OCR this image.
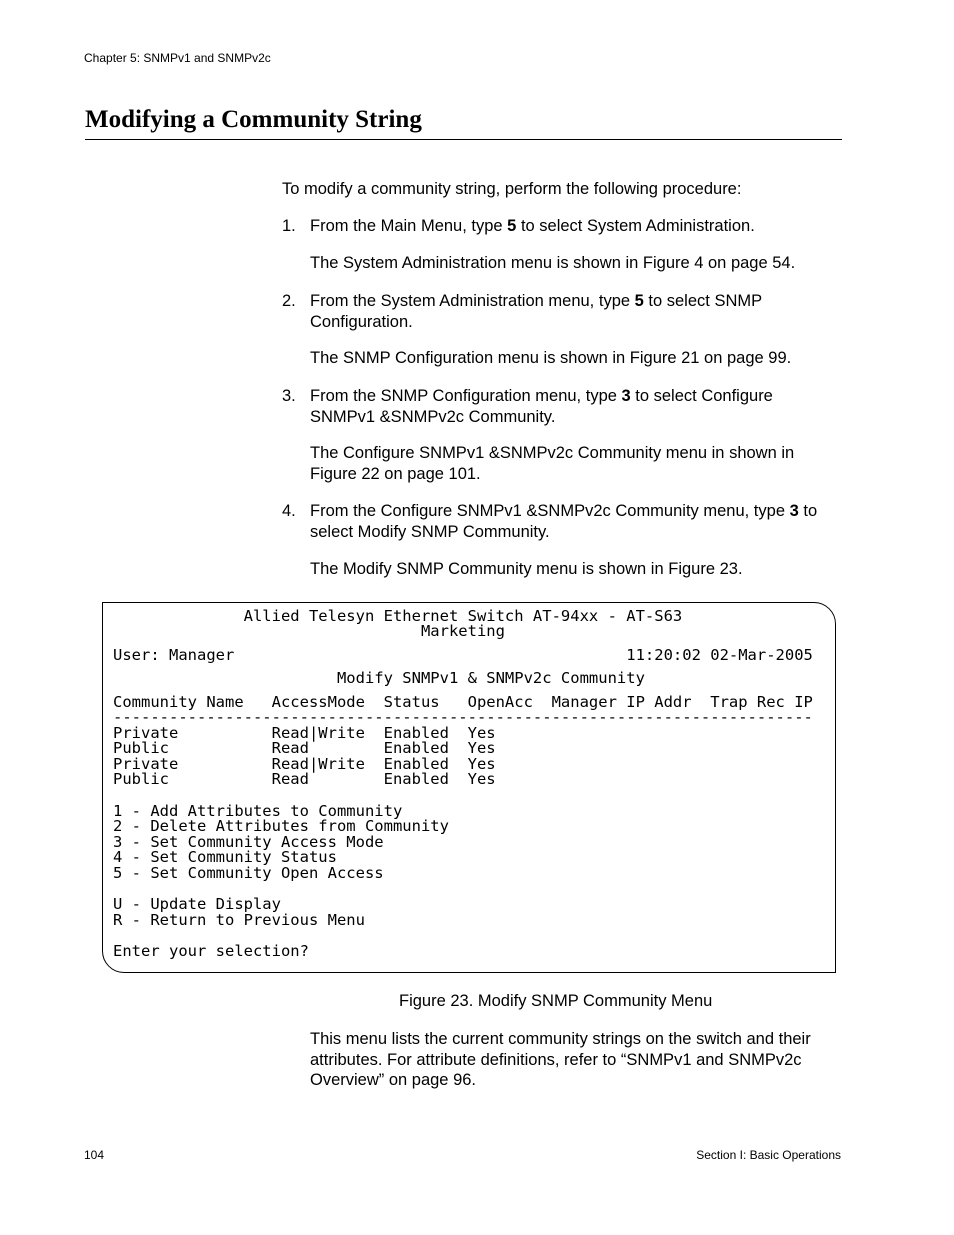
Chapter 5: SNMPv1 and SNMPv2c
Modifying a Community String
To modify a community string, perform the following procedure:
1. From the Main Menu, type 5 to select System Administration.
The System Administration menu is shown in Figure 4 on page 54.
2. From the System Administration menu, type 5 to select SNMP Configuration.
The SNMP Configuration menu is shown in Figure 21 on page 99.
3. From the SNMP Configuration menu, type 3 to select Configure SNMPv1 &SNMPv2c Community.
The Configure SNMPv1 &SNMPv2c Community menu in shown in Figure 22 on page 101.
4. From the Configure SNMPv1 &SNMPv2c Community menu, type 3 to select Modify SNMP Community.
The Modify SNMP Community menu is shown in Figure 23.
Allied Telesyn Ethernet Switch AT-94xx - AT-S63
Marketing
User: Manager                                          11:20:02 02-Mar-2005
Modify SNMPv1 & SNMPv2c Community
Community Name   AccessMode  Status   OpenAcc  Manager IP Addr  Trap Rec IP
---------------------------------------------------------------------------
Private          Read|Write  Enabled  Yes
Public           Read        Enabled  Yes
Private          Read|Write  Enabled  Yes
Public           Read        Enabled  Yes
1 - Add Attributes to Community
2 - Delete Attributes from Community
3 - Set Community Access Mode
4 - Set Community Status
5 - Set Community Open Access
U - Update Display
R - Return to Previous Menu
Enter your selection?
Figure 23. Modify SNMP Community Menu
This menu lists the current community strings on the switch and their attributes. For attribute definitions, refer to “SNMPv1 and SNMPv2c Overview” on page 96.
104	Section I: Basic Operations
